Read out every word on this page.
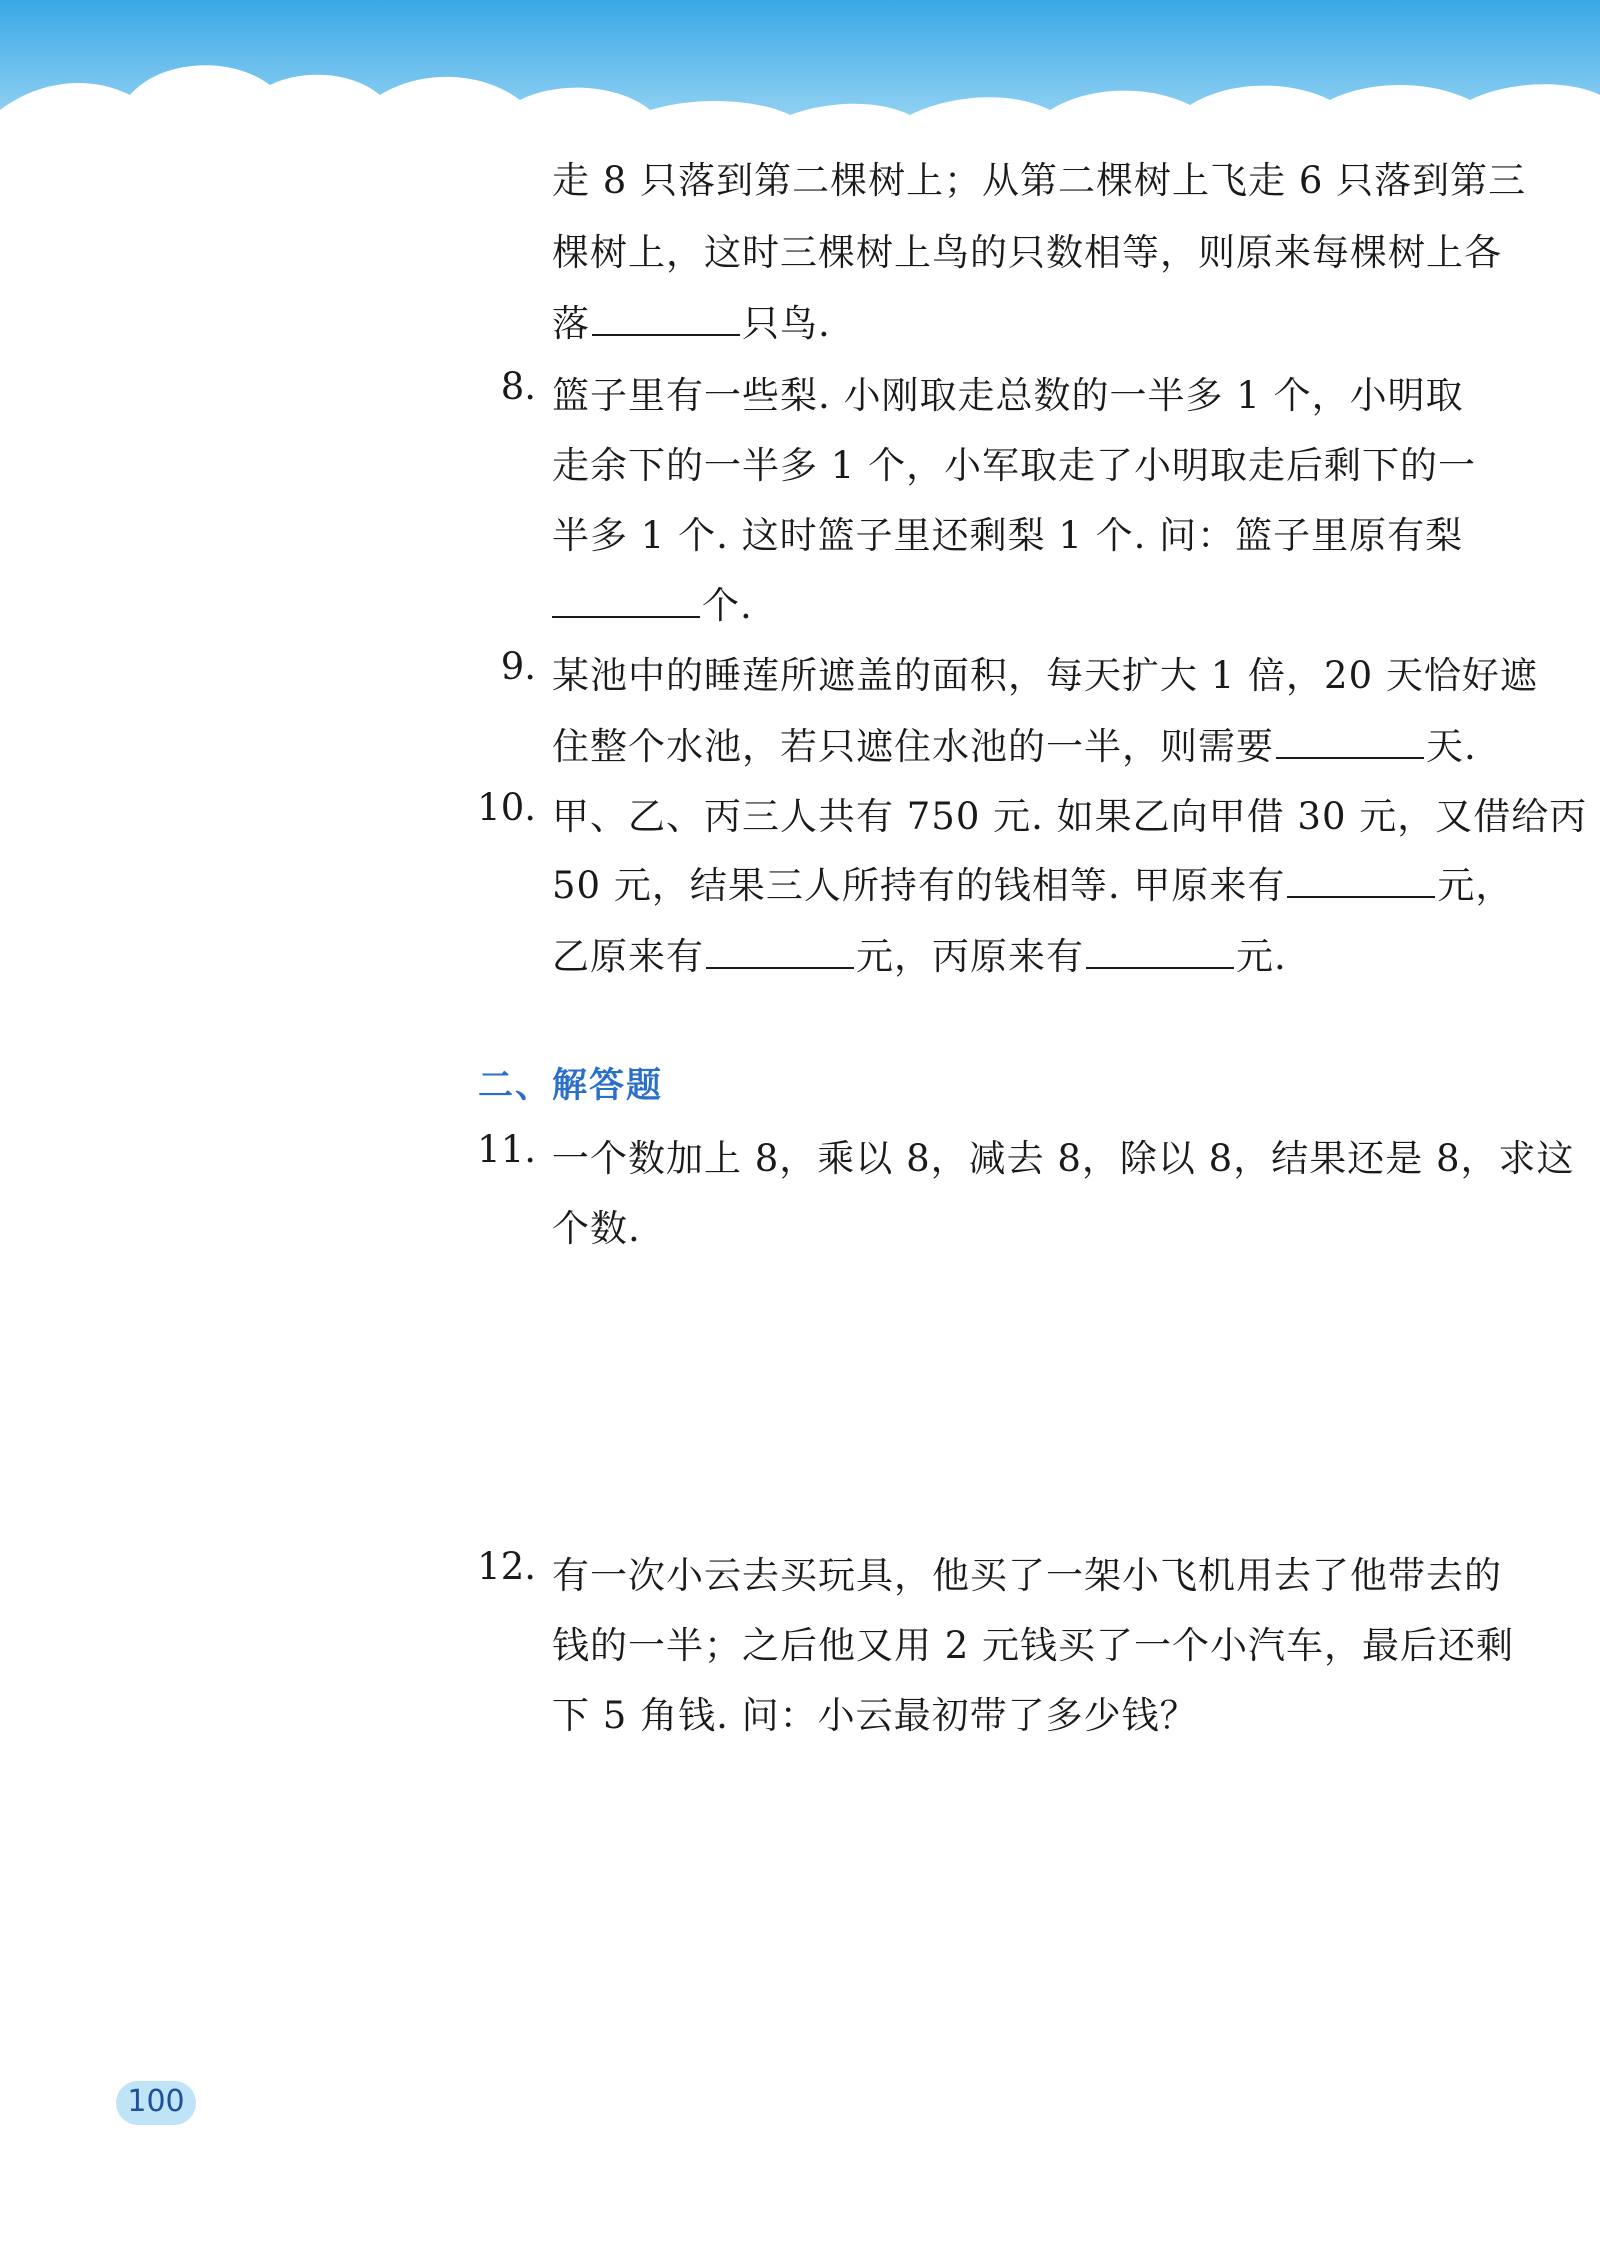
走 8 只落到第二棵树上；从第二棵树上飞走 6 只落到第三
棵树上，这时三棵树上鸟的只数相等，则原来每棵树上各
落	只鸟.
8. 篮子里有一些梨. 小刚取走总数的一半多 1 个，小明取
走余下的一半多 1 个，小军取走了小明取走后剩下的一
半多 1 个. 这时篮子里还剩梨 1 个. 问：篮子里原有梨
个.
9. 某池中的睡莲所遮盖的面积，每天扩大 1 倍，20 天恰好遮
住整个水池，若只遮住水池的一半，则需要	天.
10. 甲、乙、丙三人共有 750 元. 如果乙向甲借 30 元，又借给丙
50 元，结果三人所持有的钱相等. 甲原来有	元，
乙原来有	元，丙原来有	元.
二、解答题
11. 一个数加上 8，乘以 8，减去 8，除以 8，结果还是 8，求这
个数.
12. 有一次小云去买玩具，他买了一架小飞机用去了他带去的
钱的一半；之后他又用 2 元钱买了一个小汽车，最后还剩
下 5 角钱. 问：小云最初带了多少钱？
100
